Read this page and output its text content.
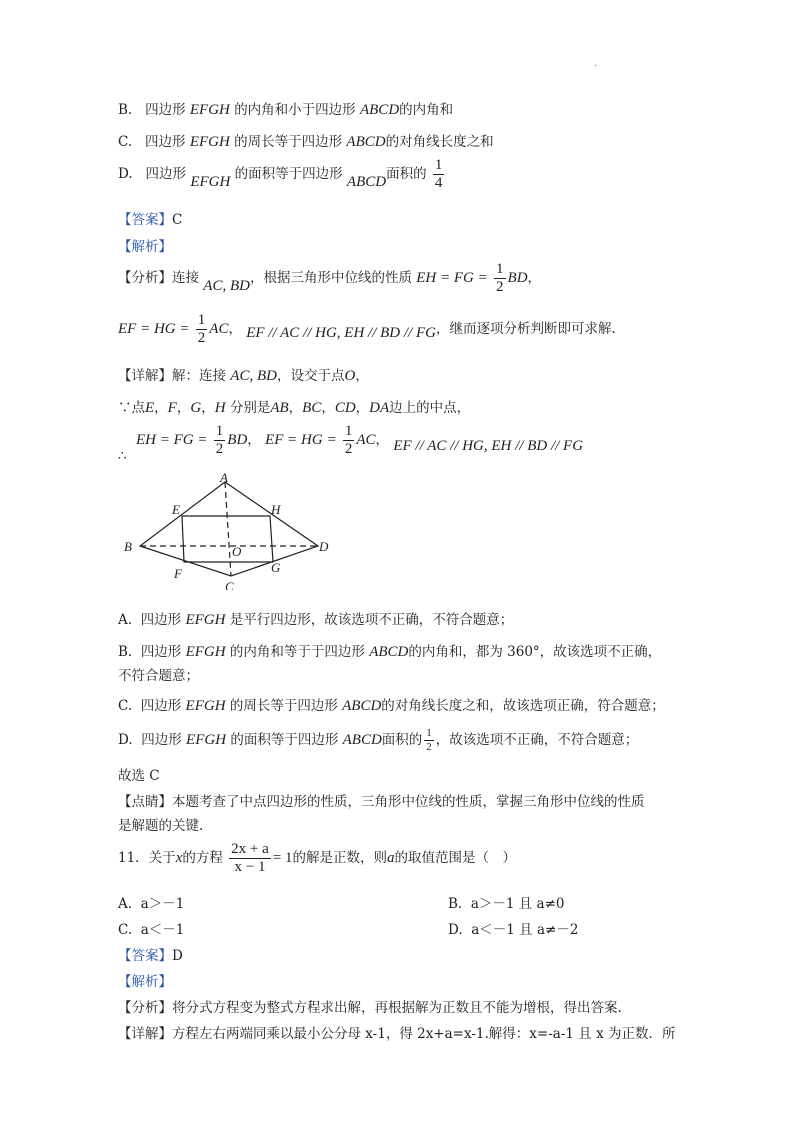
.
B. 四边形 EFGH 的内角和小于四边形 ABCD的内角和
C. 四边形 EFGH 的周长等于四边形 ABCD的对角线长度之和
D. 四边形 EFGH 的面积等于四边形 ABCD面积的 $\frac{1}{4}$
【答案】C
【解析】
【分析】连接 AC, BD，根据三角形中位线的性质 EH = FG = $\frac{1}{2}$ BD，
EF = HG = $\frac{1}{2}$ AC， EF // AC // HG, EH // BD // FG，继而逐项分析判断即可求解.
【详解】解：连接 AC, BD，设交于点O，
∵点E，F，G，H 分别是AB，BC，CD，DA边上的中点，
EH = FG = $\frac{1}{2}$ BD， EF = HG = $\frac{1}{2}$ AC， EF // AC // HG, EH // BD // FG
∴
A
B
C
D
E
F	G
H
O
A. 四边形 EFGH 是平行四边形，故该选项不正确，不符合题意；
B. 四边形 EFGH 的内角和等于于四边形 ABCD的内角和，都为 360°，故该选项不正确，
不符合题意；
C. 四边形 EFGH 的周长等于四边形 ABCD的对角线长度之和，故该选项正确，符合题意；
D. 四边形 EFGH 的面积等于四边形 ABCD面积的 $\frac{1}{2}$ ，故该选项不正确，不符合题意；
故选 C
【点睛】本题考查了中点四边形的性质，三角形中位线的性质，掌握三角形中位线的性质
是解题的关键.
11．关于x的方程 $\frac{2x + a}{x - 1} = 1$的解是正数，则a的取值范围是（　）
A. a＞－1	B. a＞－1 且 a≠0
C. a＜－1	D. a＜－1 且 a≠－2
【答案】D
【解析】
【分析】将分式方程变为整式方程求出解，再根据解为正数且不能为增根，得出答案.
【详解】方程左右两端同乘以最小公分母 x-1，得 2x+a=x-1.解得：x=-a-1 且 x 为正数．所
